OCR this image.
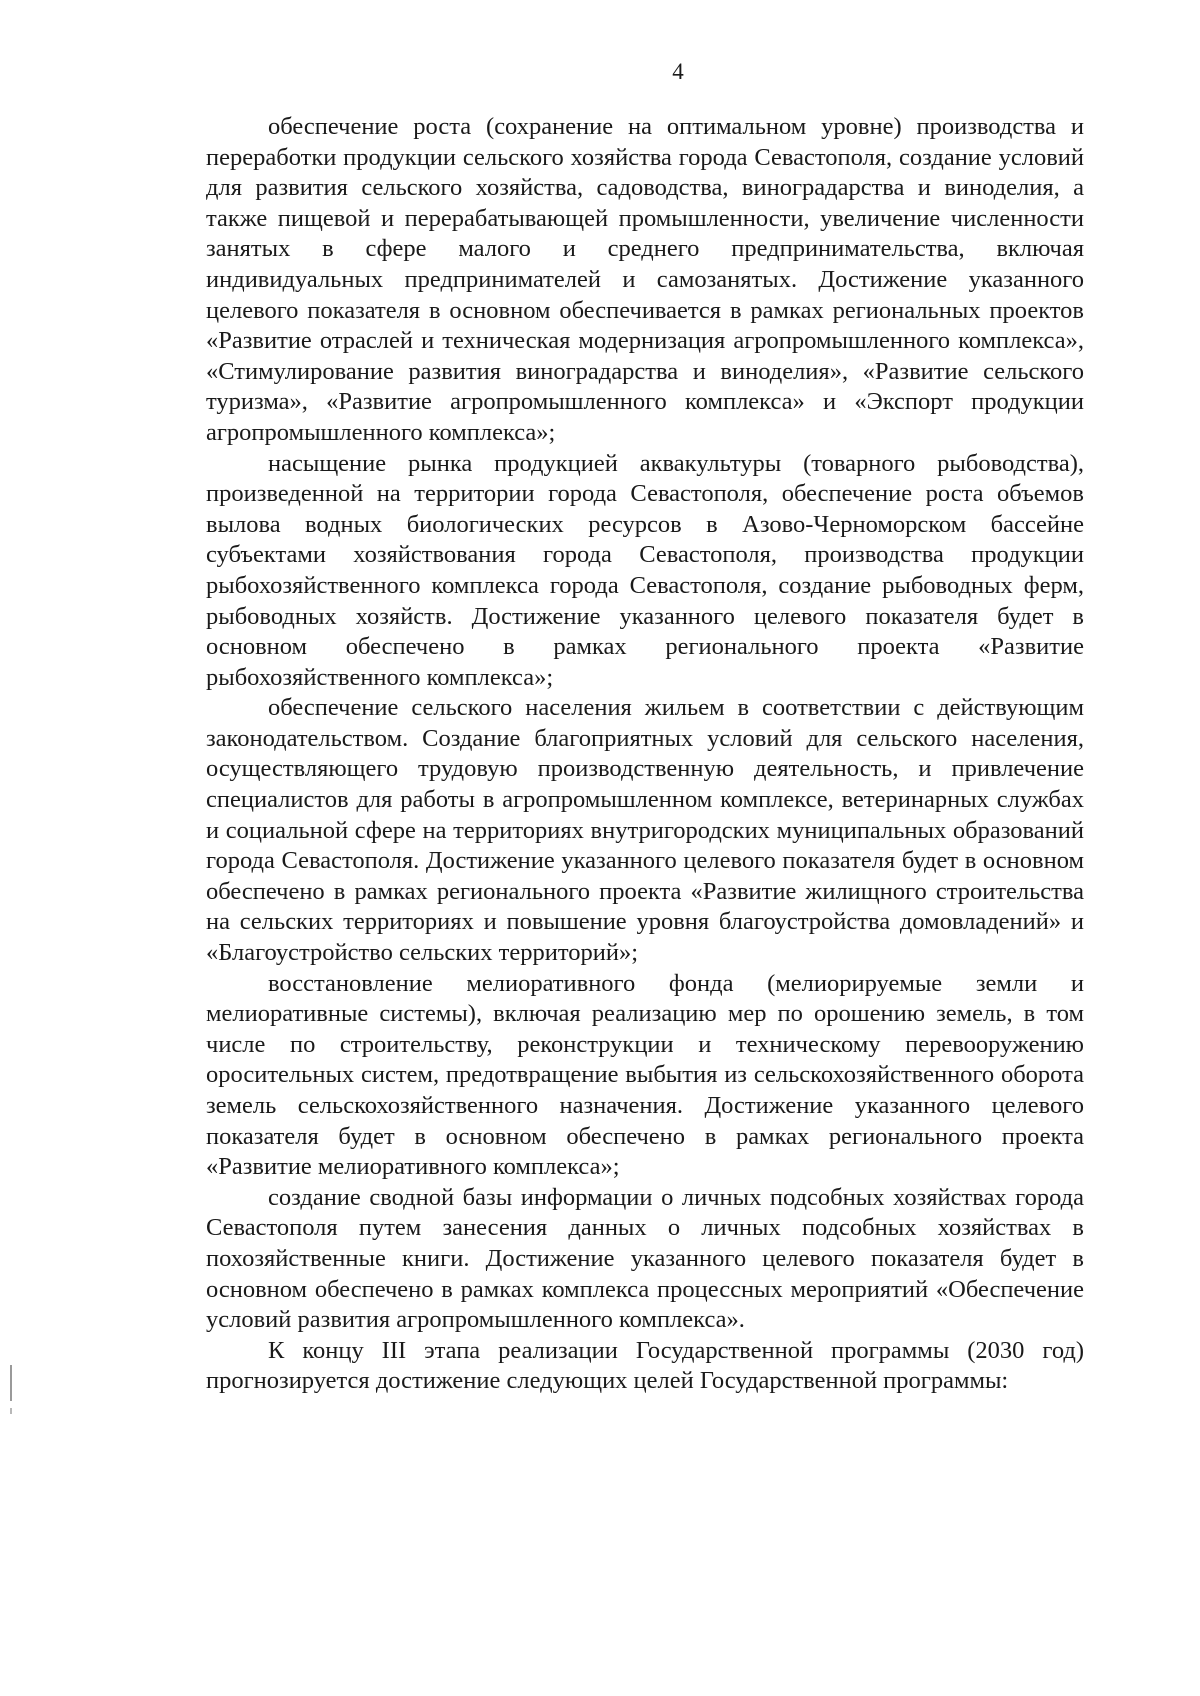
4

обеспечение роста (сохранение на оптимальном уровне) производства и переработки продукции сельского хозяйства города Севастополя, создание условий для развития сельского хозяйства, садоводства, виноградарства и виноделия, а также пищевой и перерабатывающей промышленности, увеличение численности занятых в сфере малого и среднего предпринимательства, включая индивидуальных предпринимателей и самозанятых. Достижение указанного целевого показателя в основном обеспечивается в рамках региональных проектов «Развитие отраслей и техническая модернизация агропромышленного комплекса», «Стимулирование развития виноградарства и виноделия», «Развитие сельского туризма», «Развитие агропромышленного комплекса» и «Экспорт продукции агропромышленного комплекса»;

насыщение рынка продукцией аквакультуры (товарного рыбоводства), произведенной на территории города Севастополя, обеспечение роста объемов вылова водных биологических ресурсов в Азово-Черноморском бассейне субъектами хозяйствования города Севастополя, производства продукции рыбохозяйственного комплекса города Севастополя, создание рыбоводных ферм, рыбоводных хозяйств. Достижение указанного целевого показателя будет в основном обеспечено в рамках регионального проекта «Развитие рыбохозяйственного комплекса»;

обеспечение сельского населения жильем в соответствии с действующим законодательством. Создание благоприятных условий для сельского населения, осуществляющего трудовую производственную деятельность, и привлечение специалистов для работы в агропромышленном комплексе, ветеринарных службах и социальной сфере на территориях внутригородских муниципальных образований города Севастополя. Достижение указанного целевого показателя будет в основном обеспечено в рамках регионального проекта «Развитие жилищного строительства на сельских территориях и повышение уровня благоустройства домовладений» и «Благоустройство сельских территорий»;

восстановление мелиоративного фонда (мелиорируемые земли и мелиоративные системы), включая реализацию мер по орошению земель, в том числе по строительству, реконструкции и техническому перевооружению оросительных систем, предотвращение выбытия из сельскохозяйственного оборота земель сельскохозяйственного назначения. Достижение указанного целевого показателя будет в основном обеспечено в рамках регионального проекта «Развитие мелиоративного комплекса»;

создание сводной базы информации о личных подсобных хозяйствах города Севастополя путем занесения данных о личных подсобных хозяйствах в похозяйственные книги. Достижение указанного целевого показателя будет в основном обеспечено в рамках комплекса процессных мероприятий «Обеспечение условий развития агропромышленного комплекса».

К концу III этапа реализации Государственной программы (2030 год) прогнозируется достижение следующих целей Государственной программы:
